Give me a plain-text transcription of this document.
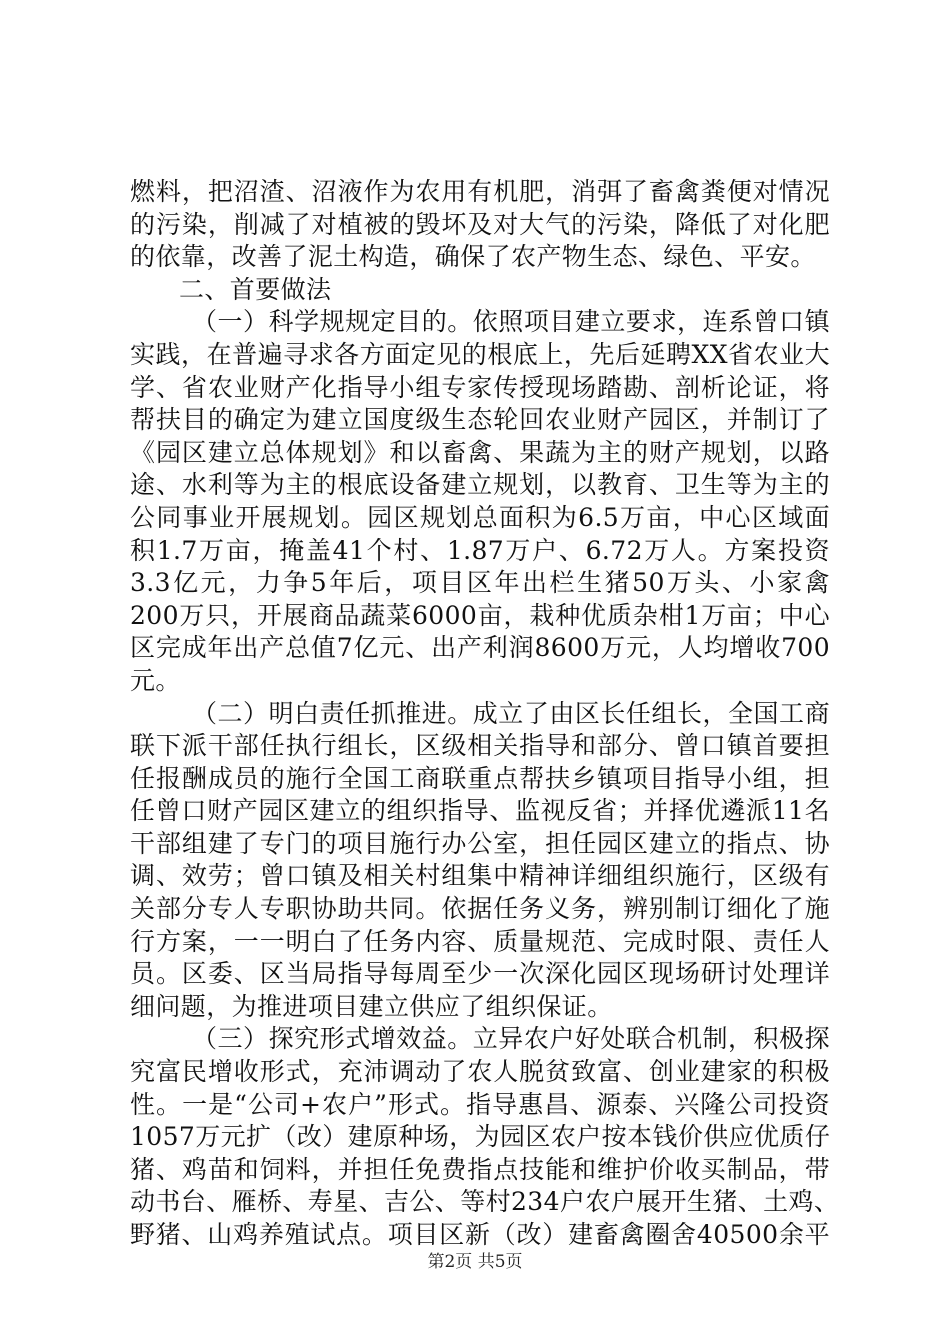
燃料，把沼渣、沼液作为农用有机肥，消弭了畜禽粪便对情况
的污染，削减了对植被的毁坏及对大气的污染，降低了对化肥
的依靠，改善了泥土构造，确保了农产物生态、绿色、平安。
二、首要做法
（一）科学规规定目的。依照项目建立要求，连系曾口镇
实践，在普遍寻求各方面定见的根底上，先后延聘XX省农业大
学、省农业财产化指导小组专家传授现场踏勘、剖析论证，将
帮扶目的确定为建立国度级生态轮回农业财产园区，并制订了
《园区建立总体规划》和以畜禽、果蔬为主的财产规划，以路
途、水利等为主的根底设备建立规划，以教育、卫生等为主的
公同事业开展规划。园区规划总面积为6.5万亩，中心区域面
积1.7万亩，掩盖41个村、1.87万户、6.72万人。方案投资
3.3亿元，力争5年后，项目区年出栏生猪50万头、小家禽
200万只，开展商品蔬菜6000亩，栽种优质杂柑1万亩；中心
区完成年出产总值7亿元、出产利润8600万元，人均增收700
元。
（二）明白责任抓推进。成立了由区长任组长，全国工商
联下派干部任执行组长，区级相关指导和部分、曾口镇首要担
任报酬成员的施行全国工商联重点帮扶乡镇项目指导小组，担
任曾口财产园区建立的组织指导、监视反省；并择优遴派11名
干部组建了专门的项目施行办公室，担任园区建立的指点、协
调、效劳；曾口镇及相关村组集中精神详细组织施行，区级有
关部分专人专职协助共同。依据任务义务，辨别制订细化了施
行方案，一一明白了任务内容、质量规范、完成时限、责任人
员。区委、区当局指导每周至少一次深化园区现场研讨处理详
细问题，为推进项目建立供应了组织保证。
（三）探究形式增效益。立异农户好处联合机制，积极探
究富民增收形式，充沛调动了农人脱贫致富、创业建家的积极
性。一是“公司+农户”形式。指导惠昌、源泰、兴隆公司投资
1057万元扩（改）建原种场，为园区农户按本钱价供应优质仔
猪、鸡苗和饲料，并担任免费指点技能和维护价收买制品，带
动书台、雁桥、寿星、吉公、等村234户农户展开生猪、土鸡、
野猪、山鸡养殖试点。项目区新（改）建畜禽圈舍40500余平
第2页 共5页
